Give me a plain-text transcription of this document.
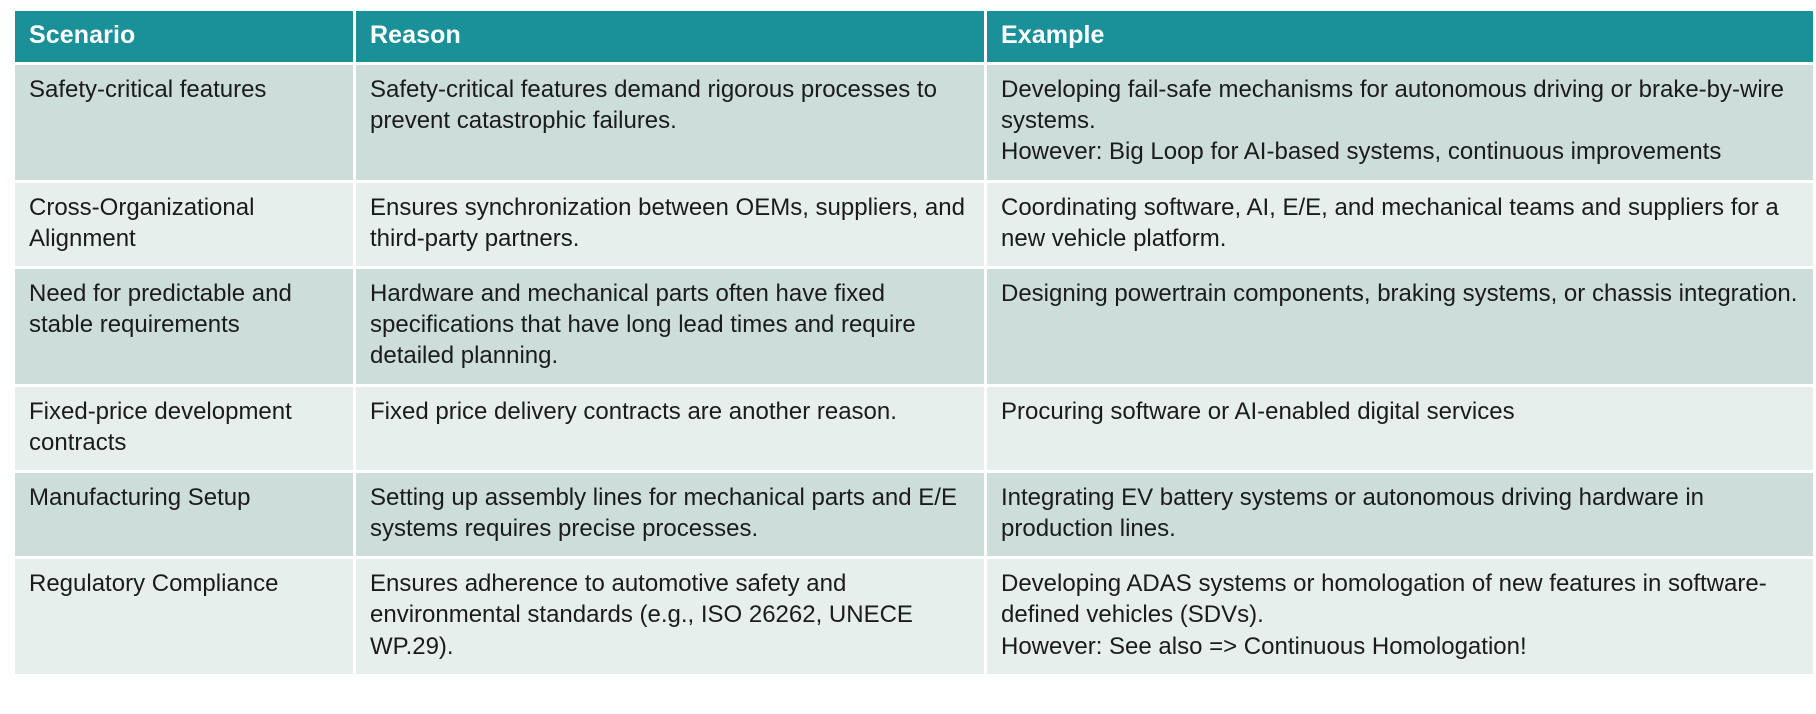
Scenario	Reason	Example
Safety-critical features	Safety-critical features demand rigorous processes to prevent catastrophic failures.	Developing fail-safe mechanisms for autonomous driving or brake-by-wire systems.
However: Big Loop for AI-based systems, continuous improvements

Cross-Organizational Alignment	Ensures synchronization between OEMs, suppliers, and third-party partners.	Coordinating software, AI, E/E, and mechanical teams and suppliers for a new vehicle platform.

Need for predictable and stable requirements	Hardware and mechanical parts often have fixed specifications that have long lead times and require detailed planning.	Designing powertrain components, braking systems, or chassis integration.

Fixed-price development contracts	Fixed price delivery contracts are another reason.	Procuring software or AI-enabled digital services

Manufacturing Setup	Setting up assembly lines for mechanical parts and E/E systems requires precise processes.	Integrating EV battery systems or autonomous driving hardware in production lines.

Regulatory Compliance	Ensures adherence to automotive safety and environmental standards (e.g., ISO 26262, UNECE WP.29).	Developing ADAS systems or homologation of new features in software-defined vehicles (SDVs).
However: See also => Continuous Homologation!
